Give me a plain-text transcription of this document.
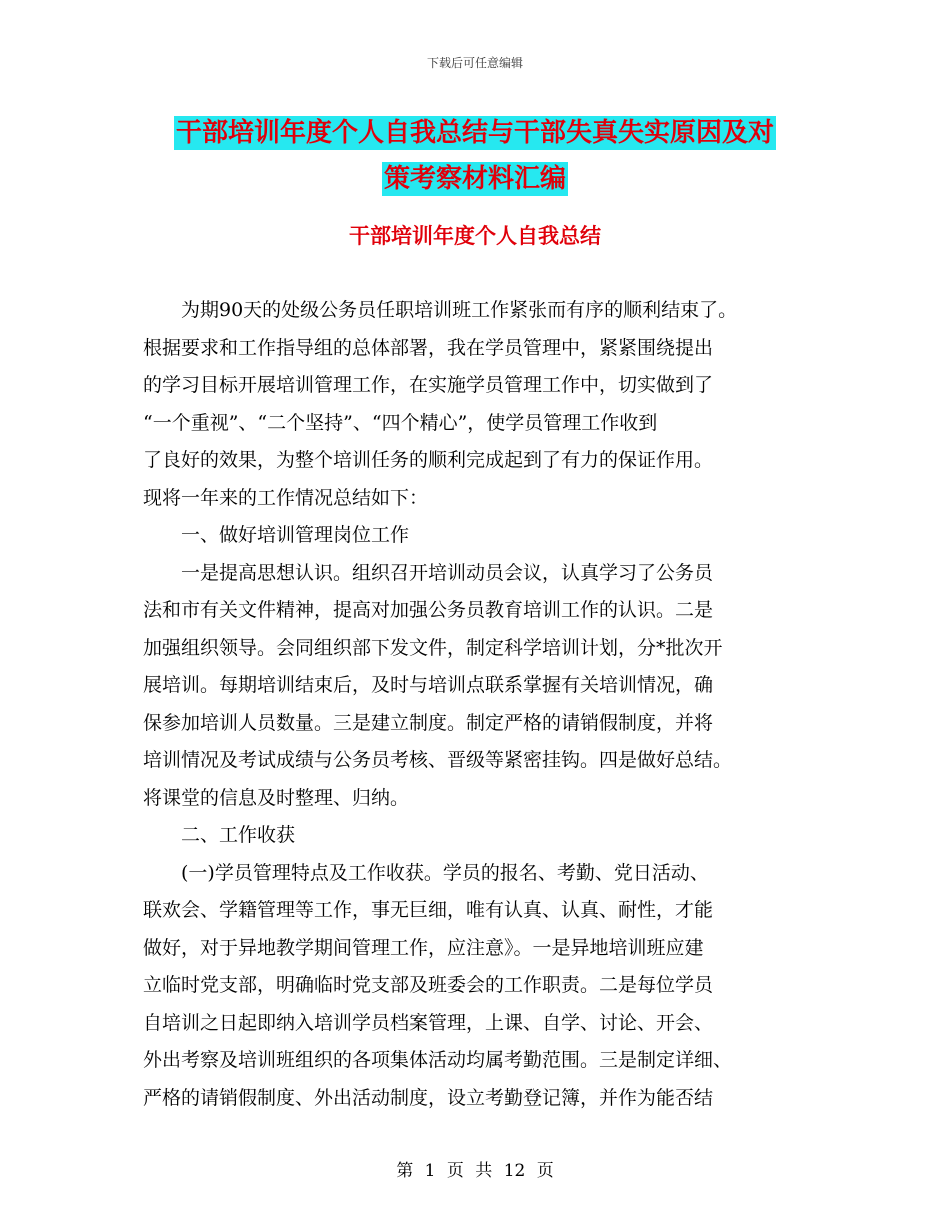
下载后可任意编辑
干部培训年度个人自我总结与干部失真失实原因及对
策考察材料汇编
干部培训年度个人自我总结

　　为期90天的处级公务员任职培训班工作紧张而有序的顺利结束了。

根据要求和工作指导组的总体部署，我在学员管理中，紧紧围绕提出

的学习目标开展培训管理工作，在实施学员管理工作中，切实做到了

“一个重视”、“二个坚持”、“四个精心”，使学员管理工作收到

了良好的效果，为整个培训任务的顺利完成起到了有力的保证作用。

现将一年来的工作情况总结如下：

　　一、做好培训管理岗位工作

　　一是提高思想认识。组织召开培训动员会议，认真学习了公务员

法和市有关文件精神，提高对加强公务员教育培训工作的认识。二是

加强组织领导。会同组织部下发文件，制定科学培训计划，分*批次开

展培训。每期培训结束后，及时与培训点联系掌握有关培训情况，确

保参加培训人员数量。三是建立制度。制定严格的请销假制度，并将

培训情况及考试成绩与公务员考核、晋级等紧密挂钩。四是做好总结。

将课堂的信息及时整理、归纳。

　　二、工作收获

　　(一)学员管理特点及工作收获。学员的报名、考勤、党日活动、

联欢会、学籍管理等工作，事无巨细，唯有认真、认真、耐性，才能

做好，对于异地教学期间管理工作，应注意》。一是异地培训班应建

立临时党支部，明确临时党支部及班委会的工作职责。二是每位学员

自培训之日起即纳入培训学员档案管理，上课、自学、讨论、开会、

外出考察及培训班组织的各项集体活动均属考勤范围。三是制定详细、

严格的请销假制度、外出活动制度，设立考勤登记簿，并作为能否结

第 1 页 共 12 页
